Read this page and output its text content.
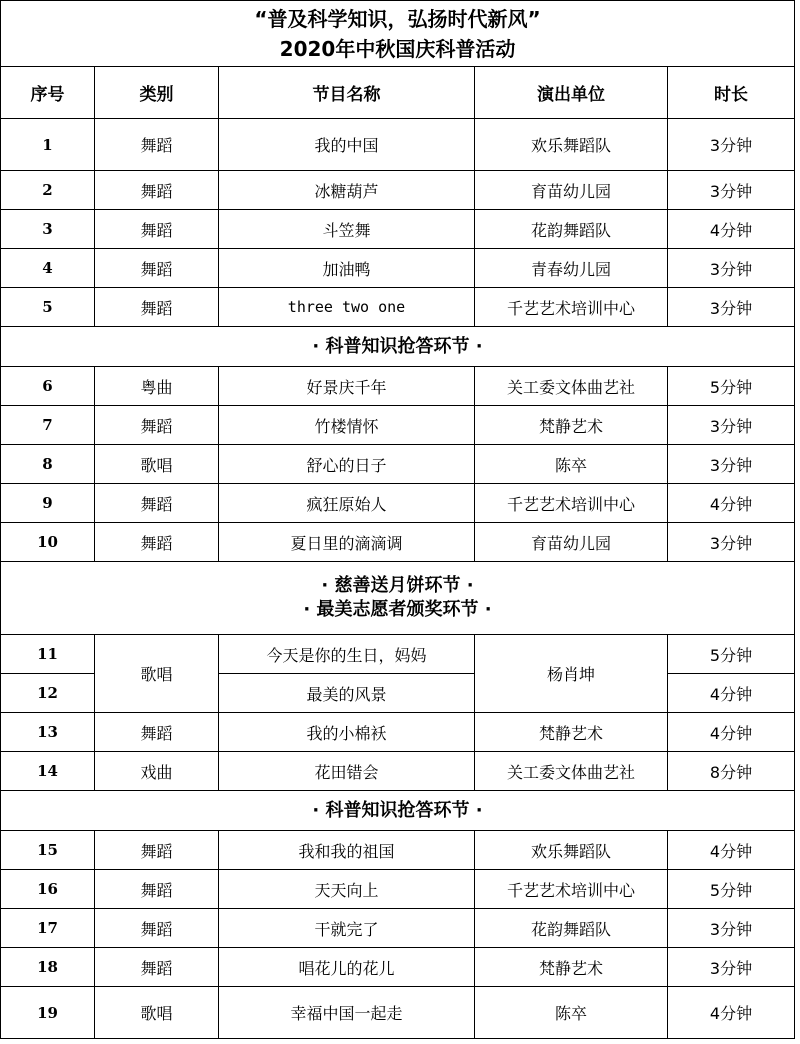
“普及科学知识，弘扬时代新风”
2020年中秋国庆科普活动				

序号	类别	节目名称	演出单位	时长
1	舞蹈	我的中国	欢乐舞蹈队	3分钟
2	舞蹈	冰糖葫芦	育苗幼儿园	3分钟
3	舞蹈	斗笠舞	花韵舞蹈队	4分钟
4	舞蹈	加油鸭	青春幼儿园	3分钟
5	舞蹈	three two one	千艺艺术培训中心	3分钟
· 科普知识抢答环节 ·				
6	粤曲	好景庆千年	关工委文体曲艺社	5分钟
7	舞蹈	竹楼情怀	梵静艺术	3分钟
8	歌唱	舒心的日子	陈卒	3分钟
9	舞蹈	疯狂原始人	千艺艺术培训中心	4分钟
10	舞蹈	夏日里的滴滴调	育苗幼儿园	3分钟

· 慈善送月饼环节 ·
· 最美志愿者颁奖环节 ·				

11	歌唱	今天是你的生日，妈妈	杨肖坤	5分钟
12		最美的风景		4分钟
13	舞蹈	我的小棉袄	梵静艺术	4分钟
14	戏曲	花田错会	关工委文体曲艺社	8分钟
· 科普知识抢答环节 ·				
15	舞蹈	我和我的祖国	欢乐舞蹈队	4分钟
16	舞蹈	天天向上	千艺艺术培训中心	5分钟
17	舞蹈	干就完了	花韵舞蹈队	3分钟
18	舞蹈	唱花儿的花儿	梵静艺术	3分钟
19	歌唱	幸福中国一起走	陈卒	4分钟
